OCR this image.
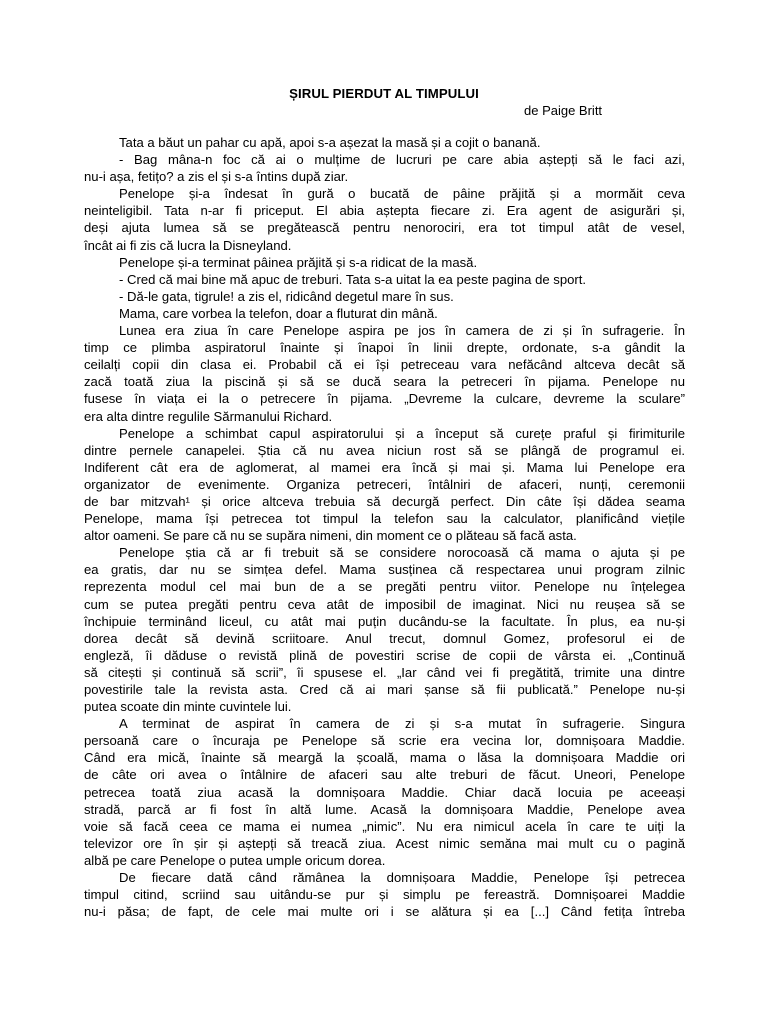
ȘIRUL PIERDUT AL TIMPULUI
de Paige Britt
Tata a băut un pahar cu apă, apoi s-a așezat la masă și a cojit o banană.
- Bag mâna-n foc că ai o mulțime de lucruri pe care abia aștepți să le faci azi,
nu-i așa, fetițo? a zis el și s-a întins după ziar.
Penelope și-a îndesat în gură o bucată de pâine prăjită și a mormăit ceva
neinteligibil. Tata n-ar fi priceput. El abia aștepta fiecare zi. Era agent de asigurări și,
deși ajuta lumea să se pregătească pentru nenorociri, era tot timpul atât de vesel,
încât ai fi zis că lucra la Disneyland.
Penelope și-a terminat pâinea prăjită și s-a ridicat de la masă.
- Cred că mai bine mă apuc de treburi. Tata s-a uitat la ea peste pagina de sport.
- Dă-le gata, tigrule! a zis el, ridicând degetul mare în sus.
Mama, care vorbea la telefon, doar a fluturat din mână.
Lunea era ziua în care Penelope aspira pe jos în camera de zi și în sufragerie. În
timp ce plimba aspiratorul înainte și înapoi în linii drepte, ordonate, s-a gândit la
ceilalți copii din clasa ei. Probabil că ei își petreceau vara nefăcând altceva decât să
zacă toată ziua la piscină și să se ducă seara la petreceri în pijama. Penelope nu
fusese în viața ei la o petrecere în pijama. „Devreme la culcare, devreme la sculare”
era alta dintre regulile Sărmanului Richard.
Penelope a schimbat capul aspiratorului și a început să curețe praful și firimiturile
dintre pernele canapelei. Știa că nu avea niciun rost să se plângă de programul ei.
Indiferent cât era de aglomerat, al mamei era încă și mai și. Mama lui Penelope era
organizator de evenimente. Organiza petreceri, întâlniri de afaceri, nunți, ceremonii
de bar mitzvah¹ și orice altceva trebuia să decurgă perfect. Din câte își dădea seama
Penelope, mama își petrecea tot timpul la telefon sau la calculator, planificând viețile
altor oameni. Se pare că nu se supăra nimeni, din moment ce o plăteau să facă asta.
Penelope știa că ar fi trebuit să se considere norocoasă că mama o ajuta și pe
ea gratis, dar nu se simțea defel. Mama susținea că respectarea unui program zilnic
reprezenta modul cel mai bun de a se pregăti pentru viitor. Penelope nu înțelegea
cum se putea pregăti pentru ceva atât de imposibil de imaginat. Nici nu reușea să se
închipuie terminând liceul, cu atât mai puțin ducându-se la facultate. În plus, ea nu-și
dorea decât să devină scriitoare. Anul trecut, domnul Gomez, profesorul ei de
engleză, îi dăduse o revistă plină de povestiri scrise de copii de vârsta ei. „Continuă
să citești și continuă să scrii”, îi spusese el. „Iar când vei fi pregătită, trimite una dintre
povestirile tale la revista asta. Cred că ai mari șanse să fii publicată.” Penelope nu-și
putea scoate din minte cuvintele lui.
A terminat de aspirat în camera de zi și s-a mutat în sufragerie. Singura
persoană care o încuraja pe Penelope să scrie era vecina lor, domnișoara Maddie.
Când era mică, înainte să meargă la școală, mama o lăsa la domnișoara Maddie ori
de câte ori avea o întâlnire de afaceri sau alte treburi de făcut. Uneori, Penelope
petrecea toată ziua acasă la domnișoara Maddie. Chiar dacă locuia pe aceeași
stradă, parcă ar fi fost în altă lume. Acasă la domnișoara Maddie, Penelope avea
voie să facă ceea ce mama ei numea „nimic”. Nu era nimicul acela în care te uiți la
televizor ore în șir și aștepți să treacă ziua. Acest nimic semăna mai mult cu o pagină
albă pe care Penelope o putea umple oricum dorea.
De fiecare dată când rămânea la domnișoara Maddie, Penelope își petrecea
timpul citind, scriind sau uitându-se pur și simplu pe fereastră. Domnișoarei Maddie
nu-i păsa; de fapt, de cele mai multe ori i se alătura și ea [...] Când fetița întreba
